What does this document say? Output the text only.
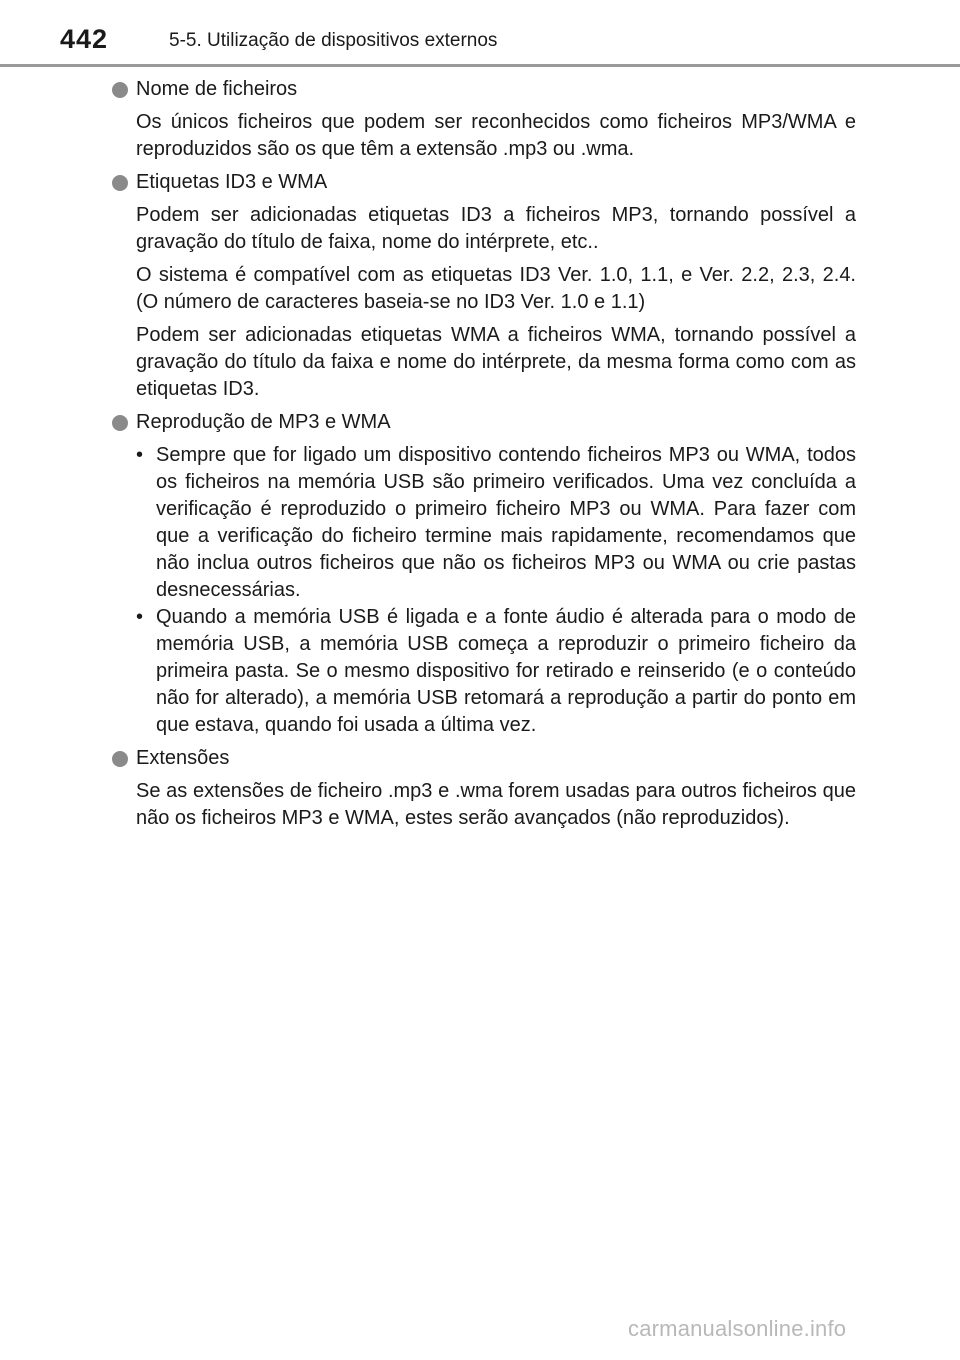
442	5-5. Utilização de dispositivos externos

Nome de ficheiros

Os únicos ficheiros que podem ser reconhecidos como ficheiros MP3/WMA e reproduzidos são os que têm a extensão .mp3 ou .wma.

Etiquetas ID3 e WMA

Podem ser adicionadas etiquetas ID3 a ficheiros MP3, tornando possível a gravação do título de faixa, nome do intérprete, etc..

O sistema é compatível com as etiquetas ID3 Ver. 1.0, 1.1, e Ver. 2.2, 2.3, 2.4. (O número de caracteres baseia-se no ID3 Ver. 1.0 e 1.1)

Podem ser adicionadas etiquetas WMA a ficheiros WMA, tornando possível a gravação do título da faixa e nome do intérprete, da mesma forma como com as etiquetas ID3.

Reprodução de MP3 e WMA

• Sempre que for ligado um dispositivo contendo ficheiros MP3 ou WMA, todos os ficheiros na memória USB são primeiro verificados. Uma vez concluída a verificação é reproduzido o primeiro ficheiro MP3 ou WMA. Para fazer com que a verificação do ficheiro termine mais rapidamente, recomendamos que não inclua outros ficheiros que não os ficheiros MP3 ou WMA ou crie pastas desnecessárias.
• Quando a memória USB é ligada e a fonte áudio é alterada para o modo de memória USB, a memória USB começa a reproduzir o primeiro ficheiro da primeira pasta. Se o mesmo dispositivo for retirado e reinserido (e o conteúdo não for alterado), a memória USB retomará a reprodução a partir do ponto em que estava, quando foi usada a última vez.

Extensões

Se as extensões de ficheiro .mp3 e .wma forem usadas para outros ficheiros que não os ficheiros MP3 e WMA, estes serão avançados (não reproduzidos).

carmanualsonline.info
